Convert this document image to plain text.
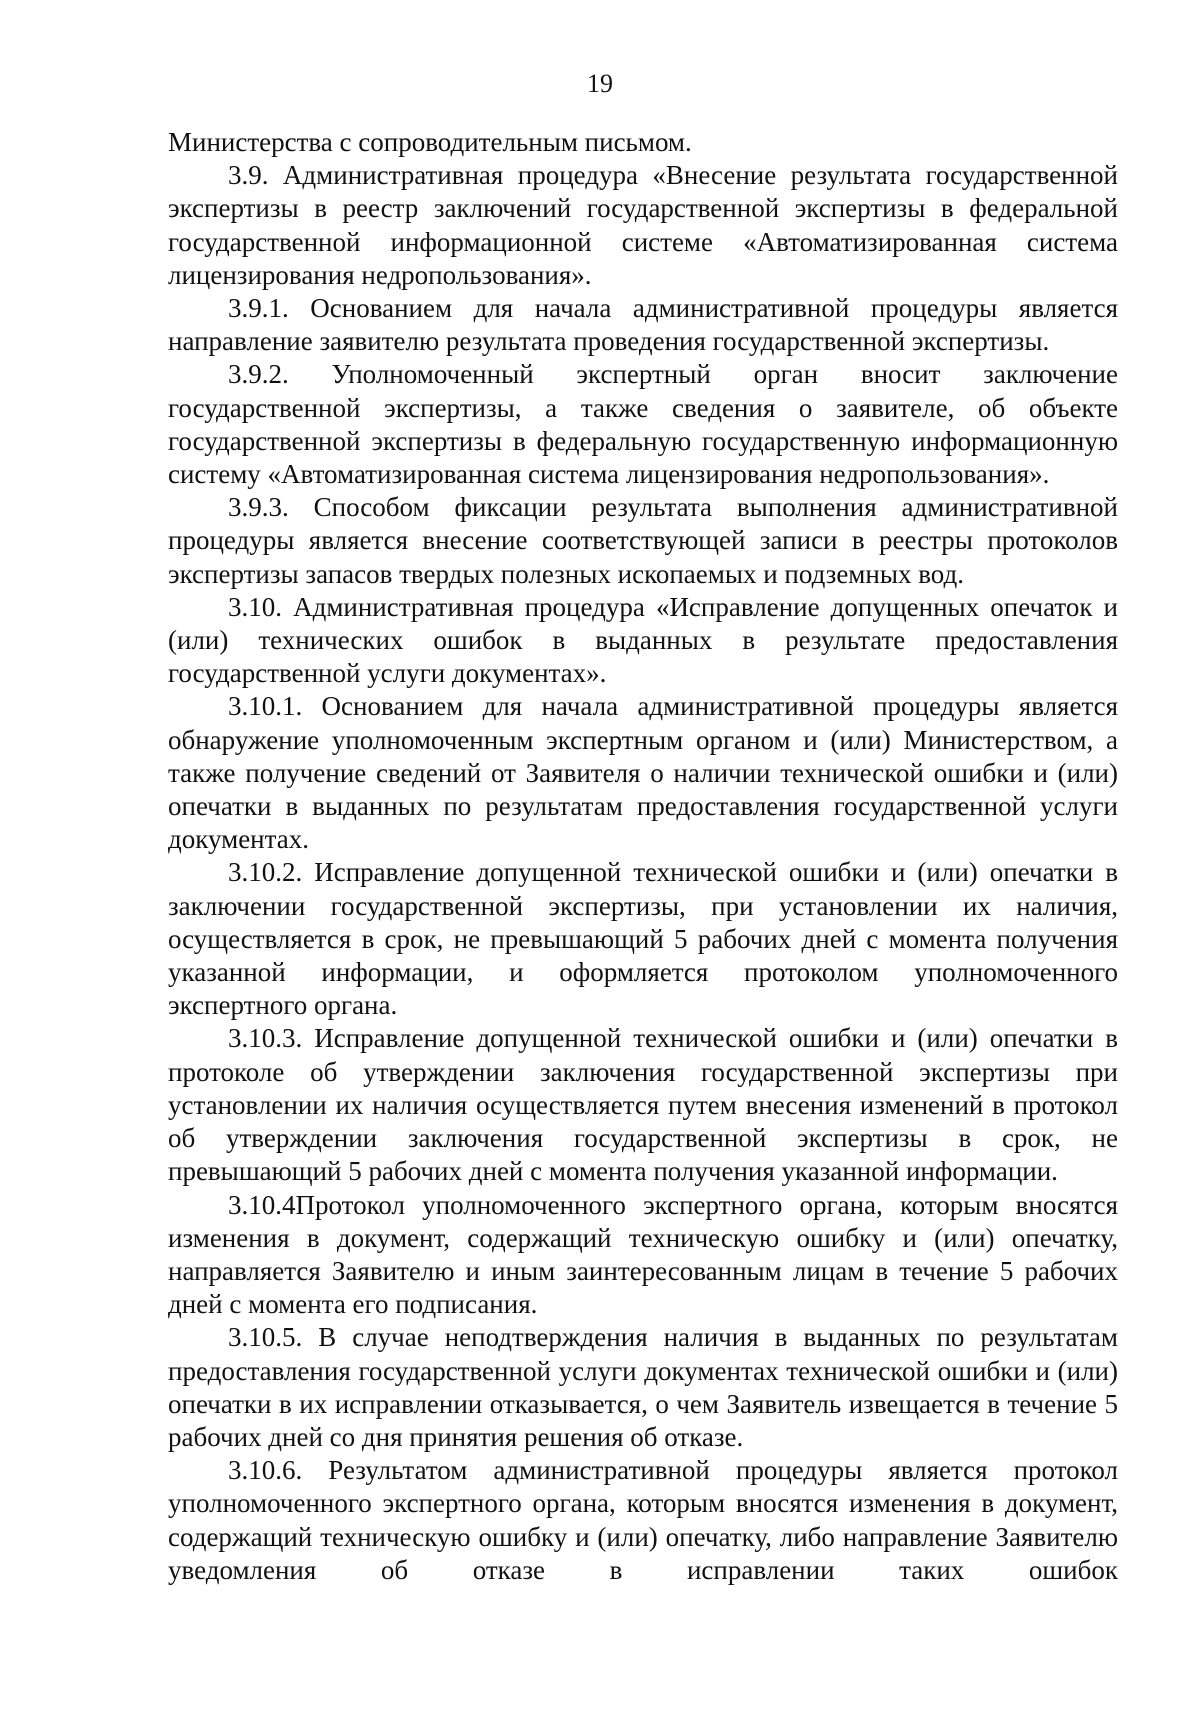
19

Министерства с сопроводительным письмом.

3.9. Административная процедура «Внесение результата государственной экспертизы в реестр заключений государственной экспертизы в федеральной государственной информационной системе «Автоматизированная система лицензирования недропользования».

3.9.1. Основанием для начала административной процедуры является направление заявителю результата проведения государственной экспертизы.

3.9.2. Уполномоченный экспертный орган вносит заключение государственной экспертизы, а также сведения о заявителе, об объекте государственной экспертизы в федеральную государственную информационную систему «Автоматизированная система лицензирования недропользования».

3.9.3. Способом фиксации результата выполнения административной процедуры является внесение соответствующей записи в реестры протоколов экспертизы запасов твердых полезных ископаемых и подземных вод.

3.10. Административная процедура «Исправление допущенных опечаток и (или) технических ошибок в выданных в результате предоставления государственной услуги документах».

3.10.1. Основанием для начала административной процедуры является обнаружение уполномоченным экспертным органом и (или) Министерством, а также получение сведений от Заявителя о наличии технической ошибки и (или) опечатки в выданных по результатам предоставления государственной услуги документах.

3.10.2. Исправление допущенной технической ошибки и (или) опечатки в заключении государственной экспертизы, при установлении их наличия, осуществляется в срок, не превышающий 5 рабочих дней с момента получения указанной информации, и оформляется протоколом уполномоченного экспертного органа.

3.10.3. Исправление допущенной технической ошибки и (или) опечатки в протоколе об утверждении заключения государственной экспертизы при установлении их наличия осуществляется путем внесения изменений в протокол об утверждении заключения государственной экспертизы в срок, не превышающий 5 рабочих дней с момента получения указанной информации.

3.10.4Протокол уполномоченного экспертного органа, которым вносятся изменения в документ, содержащий техническую ошибку и (или) опечатку, направляется Заявителю и иным заинтересованным лицам в течение 5 рабочих дней с момента его подписания.

3.10.5. В случае неподтверждения наличия в выданных по результатам предоставления государственной услуги документах технической ошибки и (или) опечатки в их исправлении отказывается, о чем Заявитель извещается в течение 5 рабочих дней со дня принятия решения об отказе.

3.10.6. Результатом административной процедуры является протокол уполномоченного экспертного органа, которым вносятся изменения в документ, содержащий техническую ошибку и (или) опечатку, либо направление Заявителю уведомления об отказе в исправлении таких ошибок
